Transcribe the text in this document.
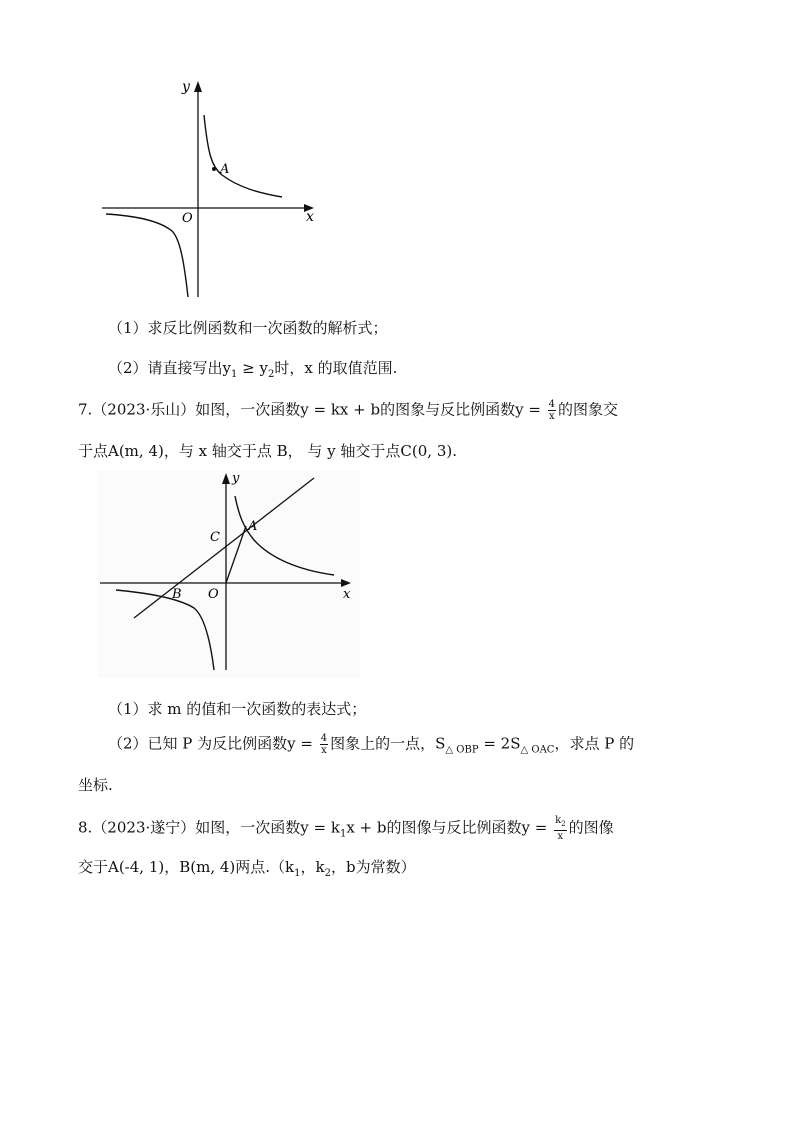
A
y
x
O
（1）求反比例函数和一次函数的解析式；
（2）请直接写出$y_1 \ge y_2$时，x 的取值范围.
7.（2023·乐山）如图，一次函数y = kx + b的图象与反比例函数$y = \frac{4}{x}$ 的图象交
于点A(m, 4)，与 x 轴交于点 B， 与 y 轴交于点C(0, 3).
y
x
O
A
B
C
（1）求 m 的值和一次函数的表达式；
（2）已知 P 为反比例函数$y = \frac{4}{x}$ 图象上的一点，$S_{\triangle OBP} = 2S_{\triangle OAC}$，求点 P 的
坐标.
8.（2023·遂宁）如图，一次函数$y = k_1x + b$的图像与反比例函数$y = \frac{k_2}{x}$ 的图像
交于A(-4, 1)，B(m, 4)两点$.(k_1$，$k_2$，b为常数）
